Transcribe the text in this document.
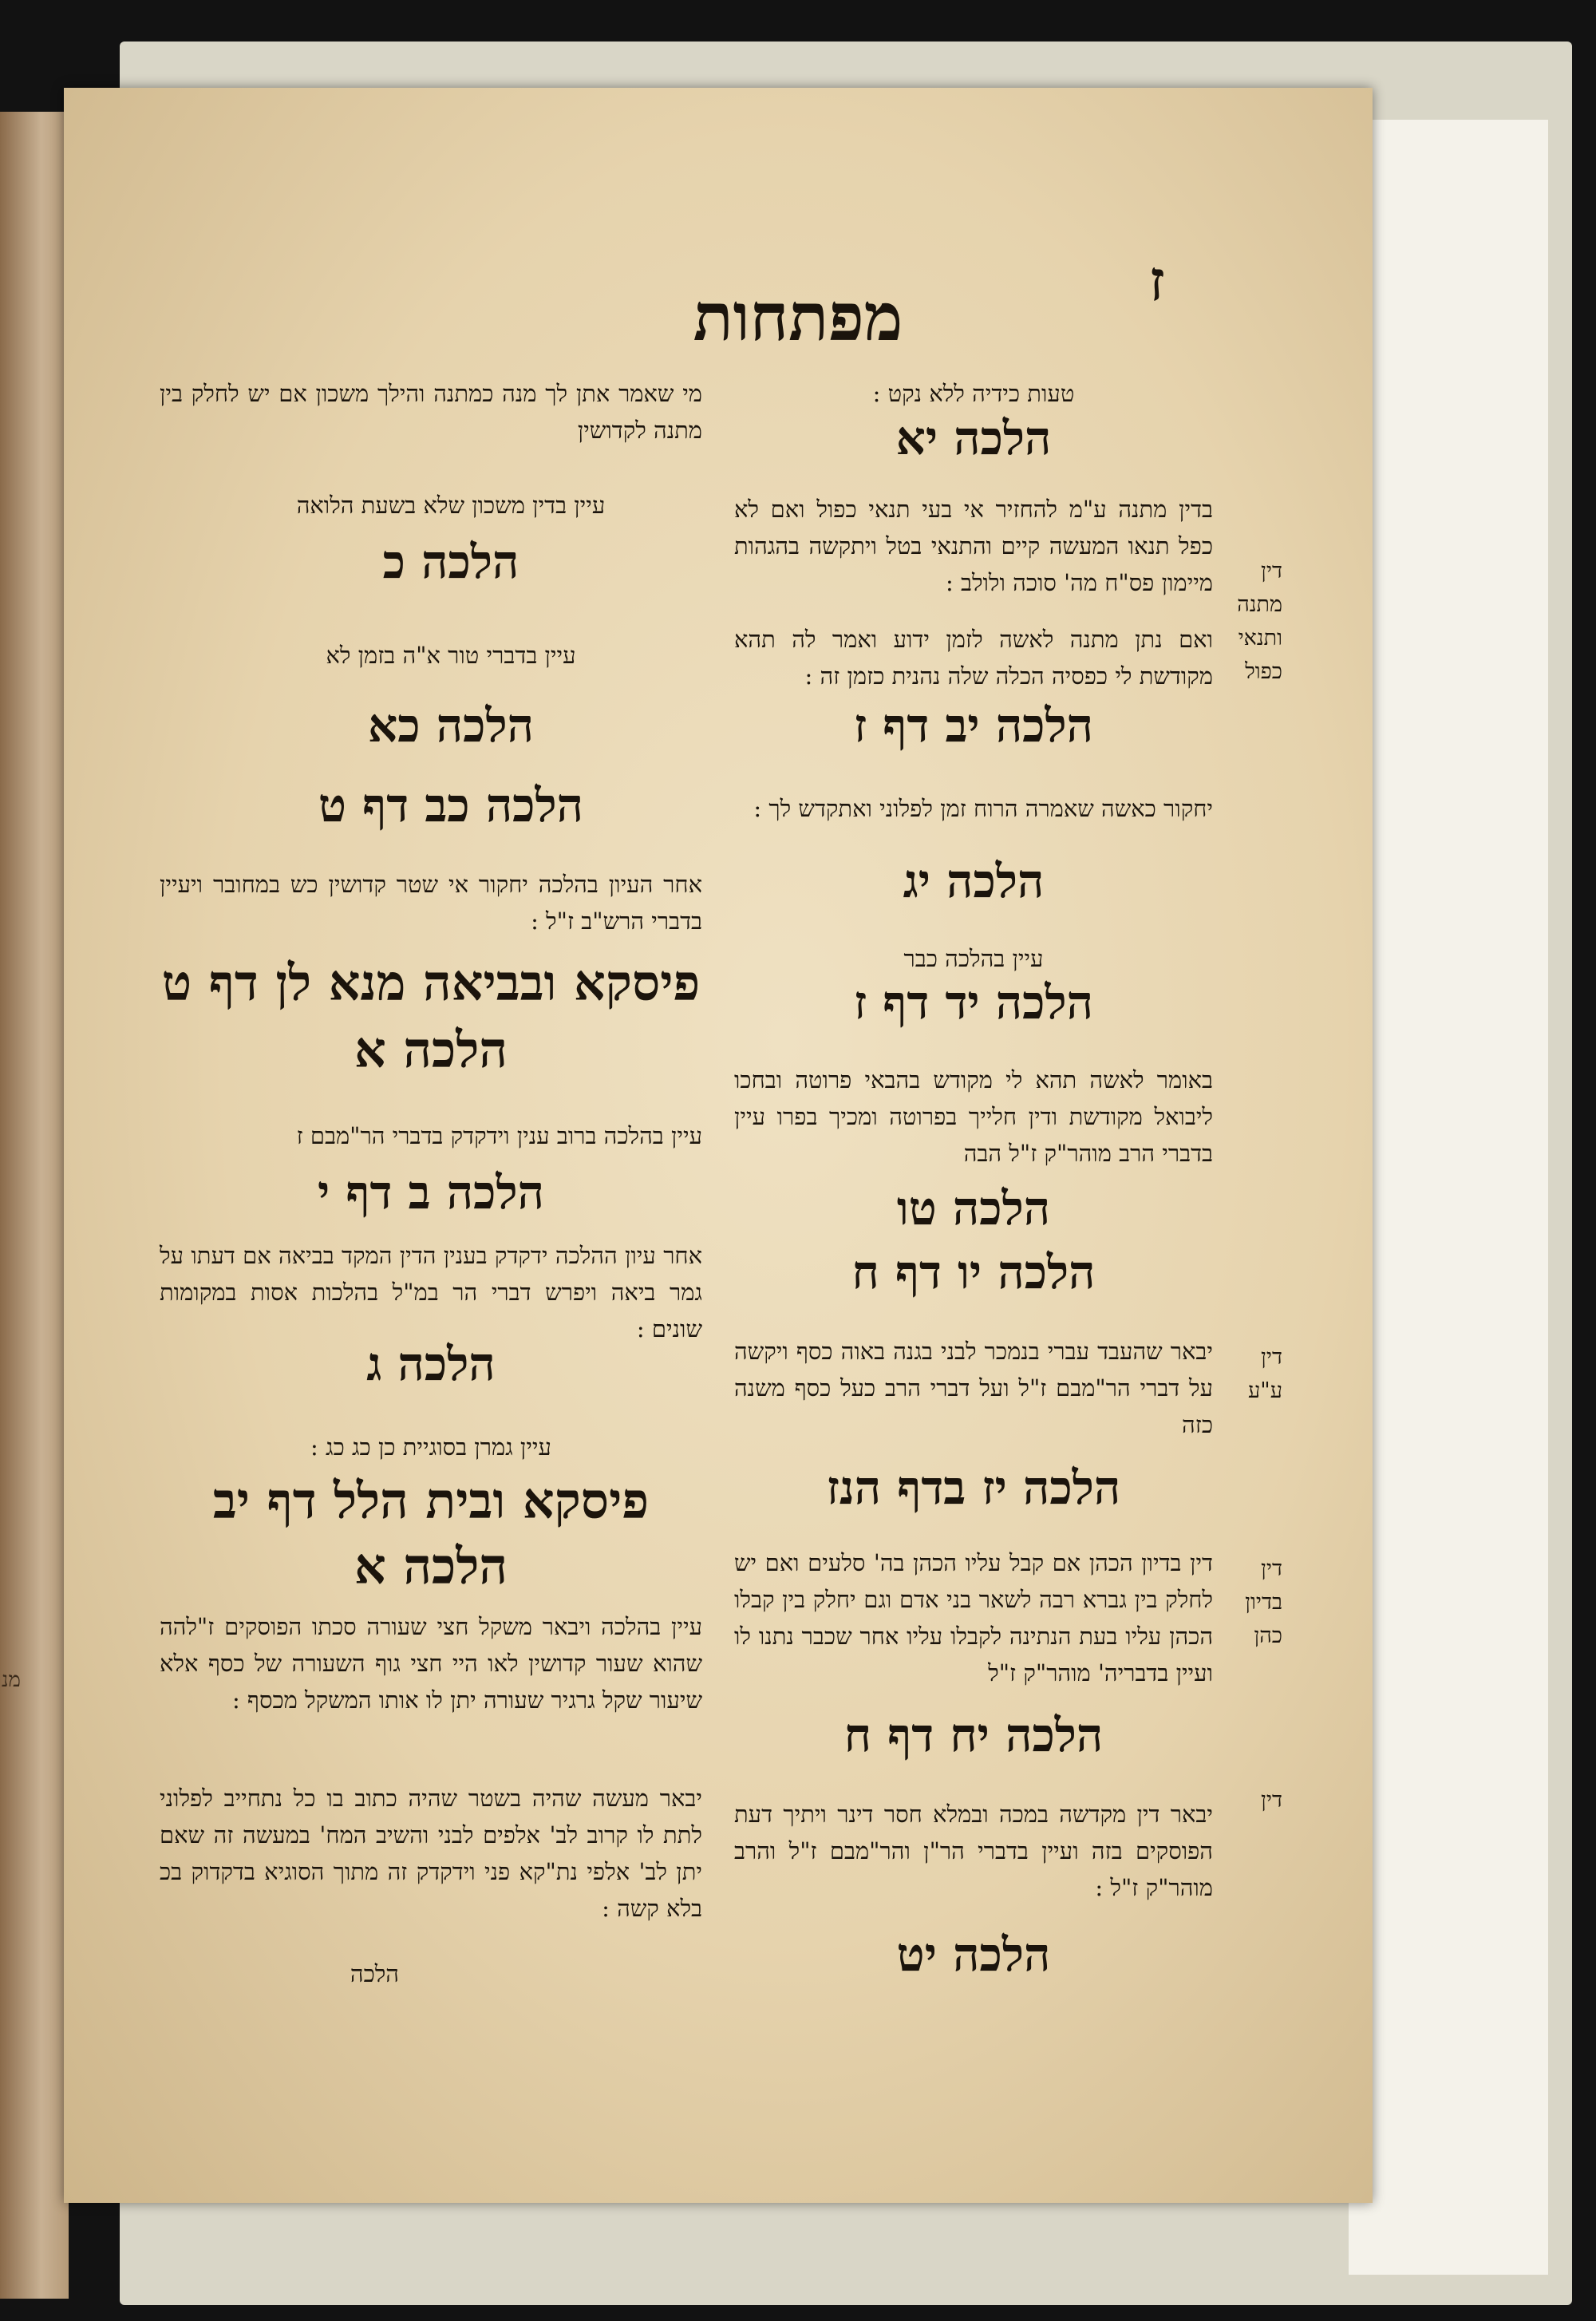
מנ
ז
מפתחות
טעות כידיה ללא נקט :
הלכה יא
בדין מתנה ע"מ להחזיר אי בעי תנאי כפול ואם לא כפל תנאו המעשה קיים והתנאי בטל ויתקשה בהגהות מיימון פס"ח מה' סוכה ולולב :
ואם נתן מתנה לאשה לזמן ידוע ואמר לה תהא מקודשת לי כפסיה הכלה שלה נהנית כזמן זה :
הלכה יב דף ז
יחקור כאשה שאמרה הרוח זמן לפלוני ואתקדש לך :
הלכה יג
עיין בהלכה כבר
הלכה יד דף ז
באומר לאשה תהא לי מקודש בהבאי פרוטה ובחכו ליבואל מקודשת ודין חלייך בפרוטה ומכיך בפרו עיין בדברי הרב מוהר"ק ז"ל הבה
הלכה טו
הלכה יו דף ח
יבאר שהעבד עברי בנמכר לבני בגנה באוה כסף ויקשה על דברי הר"מבם ז"ל ועל דברי הרב כעל כסף משנה כזה
הלכה יז בדף הנז
דין בדיון הכהן אם קבל עליו הכהן בה' סלעים ואם יש לחלק בין גברא רבה לשאר בני אדם וגם יחלק בין קבלו הכהן עליו בעת הנתינה לקבלו עליו אחר שכבר נתנו לו ועיין בדבריה' מוהר"ק ז"ל
הלכה יח דף ח
יבאר דין מקדשה במכה ובמלא חסר דינר ויתיך דעת הפוסקים בזה ועיין בדברי הר"ן והר"מבם ז"ל והרב מוהר"ק ז"ל :
הלכה יט
דין מתנה ותנאי כפול
דין ע"ע
דין בדיון כהן
דין
מי שאמר אתן לך מנה כמתנה והילך משכון אם יש לחלק בין מתנה לקדושין
עיין בדין משכון שלא בשעת הלואה
הלכה כ
עיין בדברי טור א"ה בזמן לא
הלכה כא
הלכה כב דף ט
אחר העיון בהלכה יחקור אי שטר קדושין כש במחובר ויעיין בדברי הרש"ב ז"ל :
פיסקא ובביאה מנא לן דף ט הלכה א
עיין בהלכה ברוב ענין וידקדק בדברי הר"מבם ז
הלכה ב דף י
אחר עיון ההלכה ידקדק בענין הדין המקד בביאה אם דעתו על גמר ביאה ויפרש דברי הר במ"ל בהלכות אסות במקומות שונים :
הלכה ג
עיין גמרן בסוגיית כן כג כג :
פיסקא ובית הלל דף יב הלכה א
עיין בהלכה ויבאר משקל חצי שעורה סכתו הפוסקים ז"להה שהוא שעור קדושין לאו היי חצי גוף השעורה של כסף אלא שיעור שקל גרגיר שעורה יתן לו אותו המשקל מכסף :
יבאר מעשה שהיה בשטר שהיה כתוב בו כל נתחייב לפלוני לתת לו קרוב לב' אלפים לבני והשיב המח' במעשה זה שאם יתן לב' אלפי נת"קא פני וידקדק זה מתוך הסוגיא בדקדוק בכ בלא קשה :
הלכה
